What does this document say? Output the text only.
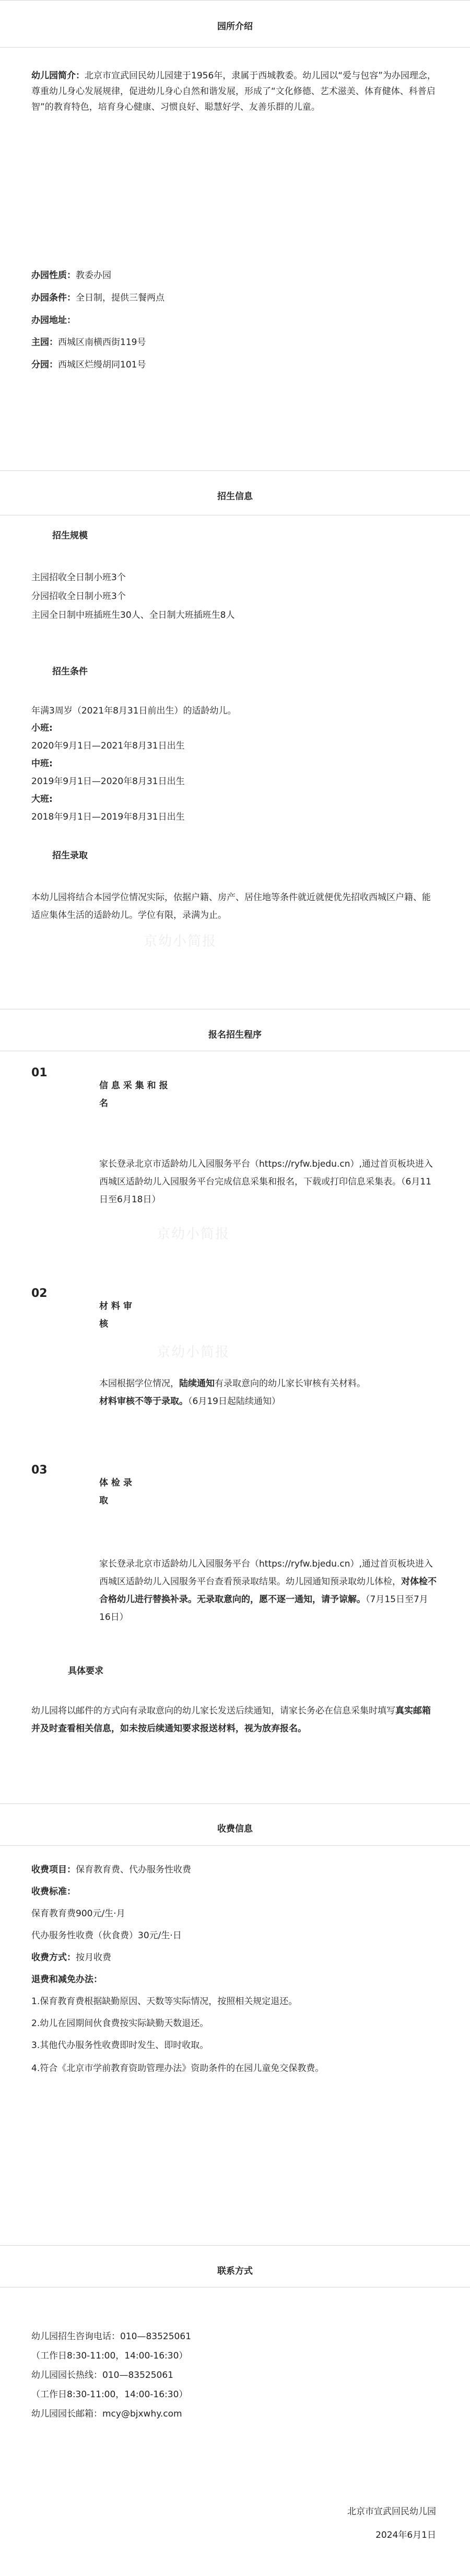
园所介绍

幼儿园简介：北京市宣武回民幼儿园建于1956年，隶属于西城教委。幼儿园以“爱与包容”为办园理念，尊重幼儿身心发展规律，促进幼儿身心自然和谐发展，形成了“文化修德、艺术滋美、体育健体、科普启智”的教育特色，培育身心健康、习惯良好、聪慧好学、友善乐群的儿童。

办园性质：教委办园

办园条件：全日制，提供三餐两点

办园地址：

主园：西城区南横西街119号

分园：西城区烂缦胡同101号

招生信息

招生规模

主园招收全日制小班3个

分园招收全日制小班3个

主园全日制中班插班生30人、全日制大班插班生8人

招生条件

年满3周岁（2021年8月31日前出生）的适龄幼儿。

小班:

2020年9月1日—2021年8月31日出生

中班:

2019年9月1日—2020年8月31日出生

大班:

2018年9月1日—2019年8月31日出生

招生录取

本幼儿园将结合本园学位情况实际，依据户籍、房产、居住地等条件就近就便优先招收西城区户籍、能适应集体生活的适龄幼儿。学位有限，录满为止。

京幼小简报
报名招生程序
01

信 息 采 集 和 报

名

家长登录北京市适龄幼儿入园服务平台（https://ryfw.bjedu.cn）,通过首页板块进入西城区适龄幼儿入园服务平台完成信息采集和报名，下载或打印信息采集表。（6月11日至6月18日）

京幼小简报
02

材 料 审

核

京幼小简报

本园根据学位情况，陆续通知有录取意向的幼儿家长审核有关材料。
材料审核不等于录取。（6月19日起陆续通知）

03

体 检 录

取

家长登录北京市适龄幼儿入园服务平台（https://ryfw.bjedu.cn）,通过首页板块进入西城区适龄幼儿入园服务平台查看预录取结果。幼儿园通知预录取幼儿体检，对体检不合格幼儿进行替换补录。无录取意向的，愿不逐一通知，请予谅解。（7月15日至7月16日）

具体要求

幼儿园将以邮件的方式向有录取意向的幼儿家长发送后续通知，请家长务必在信息采集时填写真实邮箱并及时查看相关信息，如未按后续通知要求报送材料，视为放弃报名。

收费信息

收费项目：保育教育费、代办服务性收费

收费标准：

保育教育费900元/生·月

代办服务性收费（伙食费）30元/生·日

收费方式：按月收费

退费和减免办法：

1.保育教育费根据缺勤原因、天数等实际情况，按照相关规定退还。

2.幼儿在园期间伙食费按实际缺勤天数退还。

3.其他代办服务性收费即时发生、即时收取。

4.符合《北京市学前教育资助管理办法》资助条件的在园儿童免交保教费。

联系方式

幼儿园招生咨询电话：010—83525061

（工作日8:30-11:00，14:00-16:30）

幼儿园园长热线：010—83525061

（工作日8:30-11:00，14:00-16:30）

幼儿园园长邮箱：mcy@bjxwhy.com

北京市宣武回民幼儿园

2024年6月1日
